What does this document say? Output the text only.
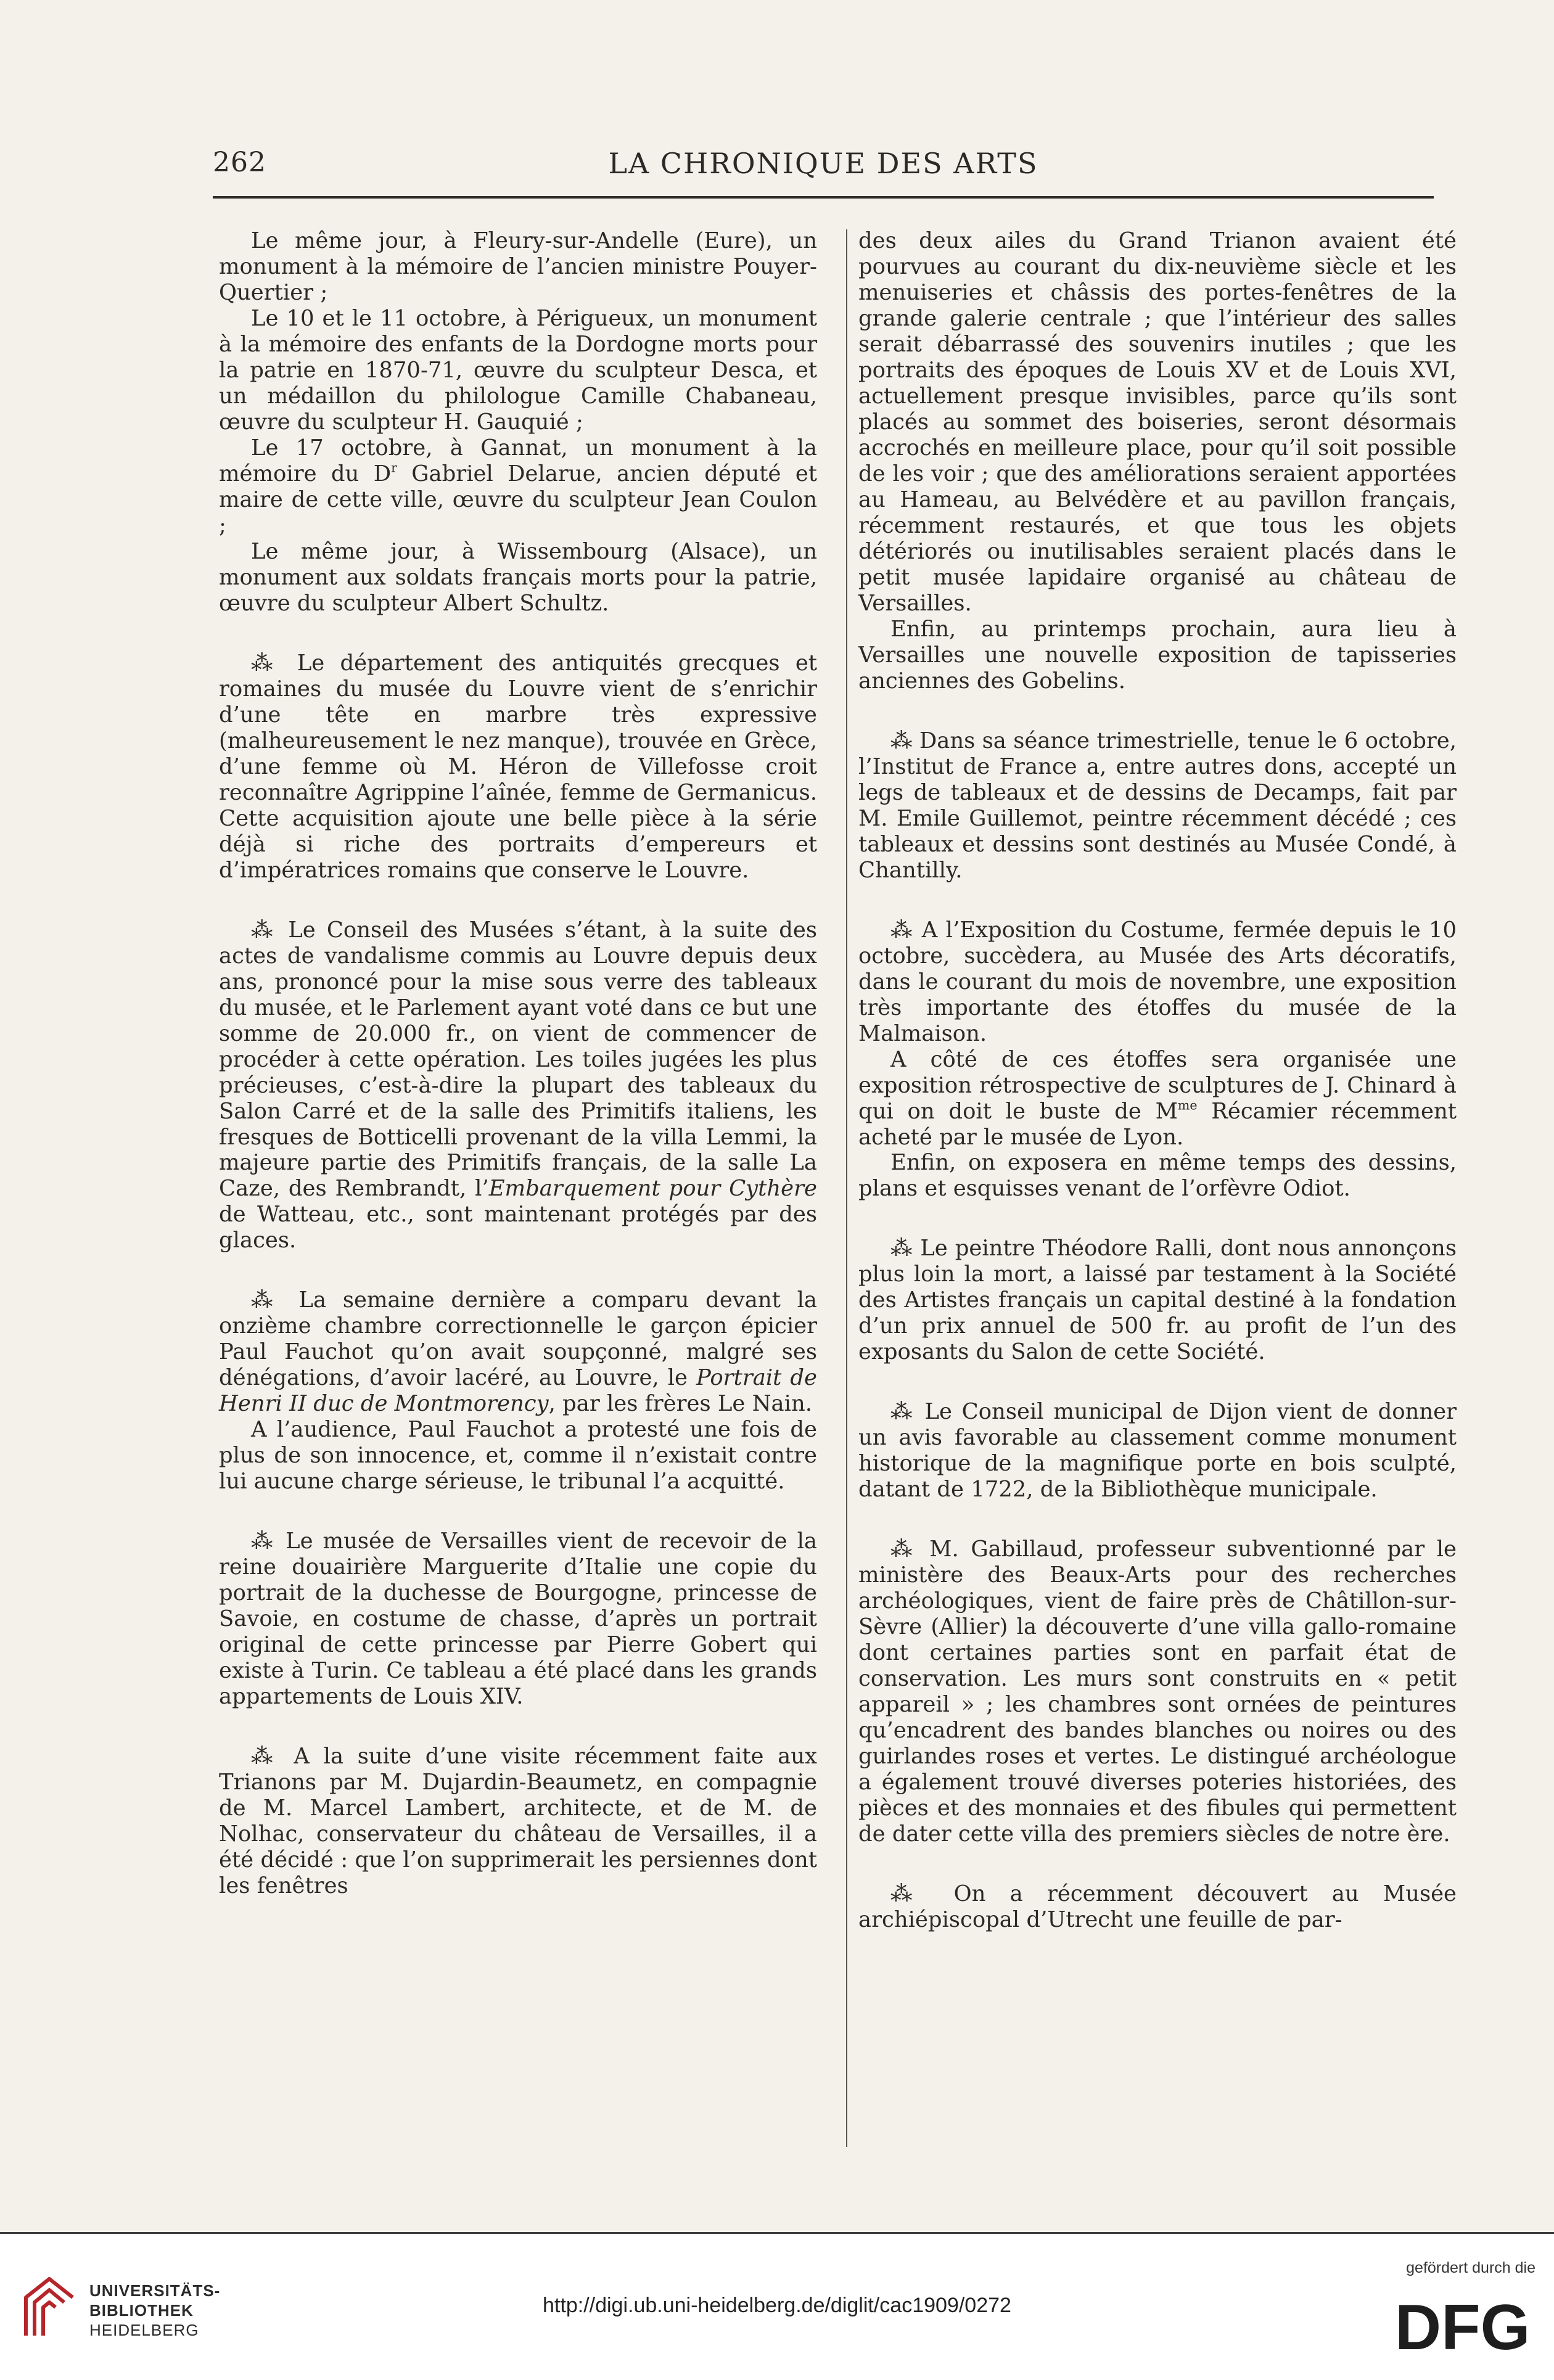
262	LA CHRONIQUE DES ARTS

Le même jour, à Fleury-sur-Andelle (Eure), un monument à la mémoire de l’ancien ministre Pouyer-Quertier ;

Le 10 et le 11 octobre, à Périgueux, un monument à la mémoire des enfants de la Dordogne morts pour la patrie en 1870-71, œuvre du sculpteur Desca, et un médaillon du philologue Camille Chabaneau, œuvre du sculpteur H. Gauquié ;

Le 17 octobre, à Gannat, un monument à la mémoire du $D^r$ Gabriel Delarue, ancien député et maire de cette ville, œuvre du sculpteur Jean Coulon ;

Le même jour, à Wissembourg (Alsace), un monument aux soldats français morts pour la patrie, œuvre du sculpteur Albert Schultz.

⁂ Le département des antiquités grecques et romaines du musée du Louvre vient de s’enrichir d’une tête en marbre très expressive (malheureusement le nez manque), trouvée en Grèce, d’une femme où M. Héron de Villefosse croit reconnaître Agrippine l’aînée, femme de Germanicus. Cette acquisition ajoute une belle pièce à la série déjà si riche des portraits d’empereurs et d’impératrices romains que conserve le Louvre.

⁂ Le Conseil des Musées s’étant, à la suite des actes de vandalisme commis au Louvre depuis deux ans, prononcé pour la mise sous verre des tableaux du musée, et le Parlement ayant voté dans ce but une somme de 20.000 fr., on vient de commencer de procéder à cette opération. Les toiles jugées les plus précieuses, c’est-à-dire la plupart des tableaux du Salon Carré et de la salle des Primitifs italiens, les fresques de Botticelli provenant de la villa Lemmi, la majeure partie des Primitifs français, de la salle La Caze, des Rembrandt, l’Embarquement pour Cythère de Watteau, etc., sont maintenant protégés par des glaces.

⁂ La semaine dernière a comparu devant la onzième chambre correctionnelle le garçon épicier Paul Fauchot qu’on avait soupçonné, malgré ses dénégations, d’avoir lacéré, au Louvre, le Portrait de Henri II duc de Montmorency, par les frères Le Nain.

A l’audience, Paul Fauchot a protesté une fois de plus de son innocence, et, comme il n’existait contre lui aucune charge sérieuse, le tribunal l’a acquitté.

⁂ Le musée de Versailles vient de recevoir de la reine douairière Marguerite d’Italie une copie du portrait de la duchesse de Bourgogne, princesse de Savoie, en costume de chasse, d’après un portrait original de cette princesse par Pierre Gobert qui existe à Turin. Ce tableau a été placé dans les grands appartements de Louis XIV.

⁂ A la suite d’une visite récemment faite aux Trianons par M. Dujardin-Beaumetz, en compagnie de M. Marcel Lambert, architecte, et de M. de Nolhac, conservateur du château de Versailles, il a été décidé : que l’on supprimerait les persiennes dont les fenêtres

des deux ailes du Grand Trianon avaient été pourvues au courant du dix-neuvième siècle et les menuiseries et châssis des portes-fenêtres de la grande galerie centrale ; que l’intérieur des salles serait débarrassé des souvenirs inutiles ; que les portraits des époques de Louis XV et de Louis XVI, actuellement presque invisibles, parce qu’ils sont placés au sommet des boiseries, seront désormais accrochés en meilleure place, pour qu’il soit possible de les voir ; que des améliorations seraient apportées au Hameau, au Belvédère et au pavillon français, récemment restaurés, et que tous les objets détériorés ou inutilisables seraient placés dans le petit musée lapidaire organisé au château de Versailles.

Enfin, au printemps prochain, aura lieu à Versailles une nouvelle exposition de tapisseries anciennes des Gobelins.

⁂ Dans sa séance trimestrielle, tenue le 6 octobre, l’Institut de France a, entre autres dons, accepté un legs de tableaux et de dessins de Decamps, fait par M. Emile Guillemot, peintre récemment décédé ; ces tableaux et dessins sont destinés au Musée Condé, à Chantilly.

⁂ A l’Exposition du Costume, fermée depuis le 10 octobre, succèdera, au Musée des Arts décoratifs, dans le courant du mois de novembre, une exposition très importante des étoffes du musée de la Malmaison.

A côté de ces étoffes sera organisée une exposition rétrospective de sculptures de J. Chinard à qui on doit le buste de $M^{me}$ Récamier récemment acheté par le musée de Lyon.

Enfin, on exposera en même temps des dessins, plans et esquisses venant de l’orfèvre Odiot.

⁂ Le peintre Théodore Ralli, dont nous annonçons plus loin la mort, a laissé par testament à la Société des Artistes français un capital destiné à la fondation d’un prix annuel de 500 fr. au profit de l’un des exposants du Salon de cette Société.

⁂ Le Conseil municipal de Dijon vient de donner un avis favorable au classement comme monument historique de la magnifique porte en bois sculpté, datant de 1722, de la Bibliothèque municipale.

⁂ M. Gabillaud, professeur subventionné par le ministère des Beaux-Arts pour des recherches archéologiques, vient de faire près de Châtillon-sur-Sèvre (Allier) la découverte d’une villa gallo-romaine dont certaines parties sont en parfait état de conservation. Les murs sont construits en « petit appareil » ; les chambres sont ornées de peintures qu’encadrent des bandes blanches ou noires ou des guirlandes roses et vertes. Le distingué archéologue a également trouvé diverses poteries historiées, des pièces et des monnaies et des fibules qui permettent de dater cette villa des premiers siècles de notre ère.

⁂ On a récemment découvert au Musée archiépiscopal d’Utrecht une feuille de par-

UNIVERSITÄTS-
BIBLIOTHEK
HEIDELBERG
http://digi.ub.uni-heidelberg.de/diglit/cac1909/0272
gefördert durch die
DFG
